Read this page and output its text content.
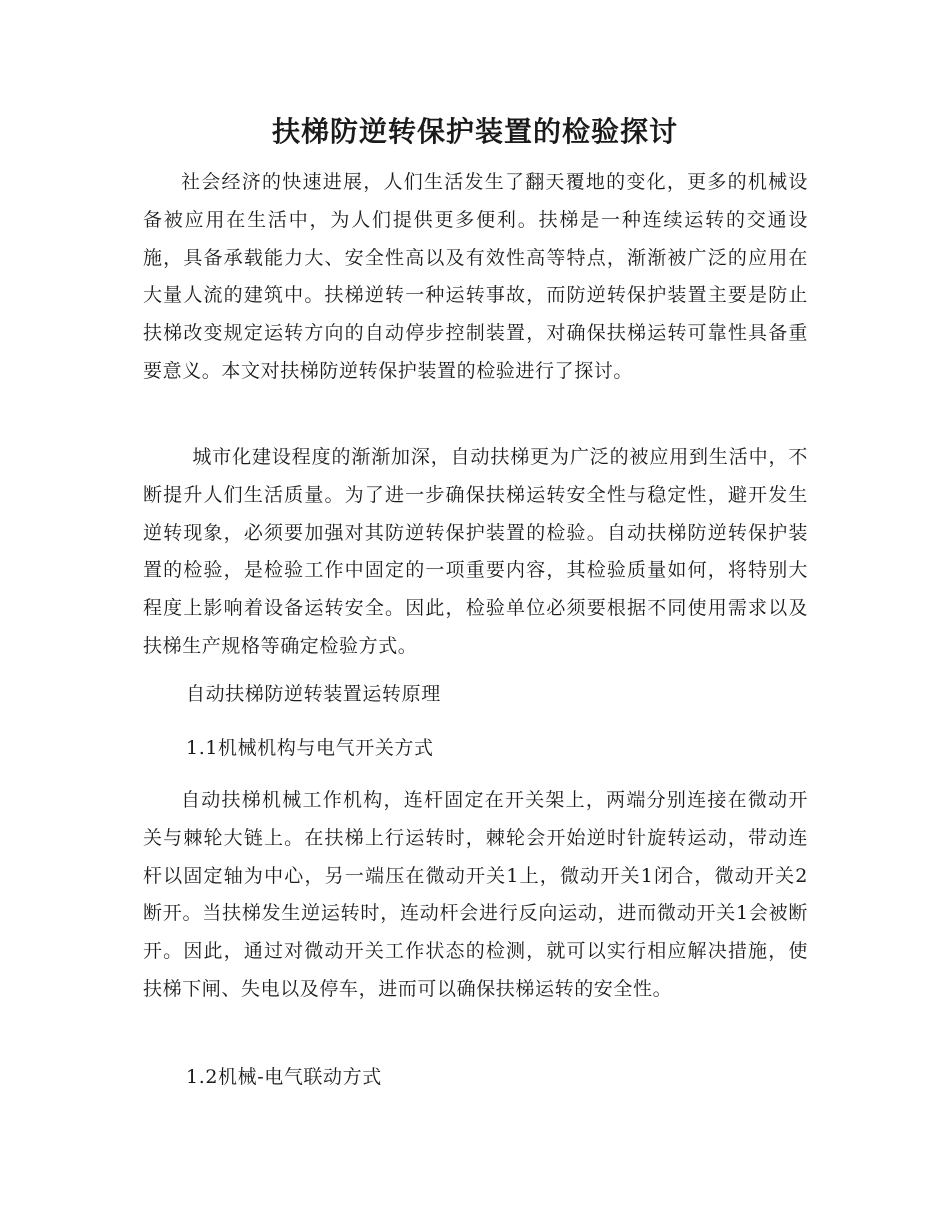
扶梯防逆转保护装置的检验探讨

社会经济的快速进展，人们生活发生了翻天覆地的变化，更多的机械设备被应用在生活中，为人们提供更多便利。扶梯是一种连续运转的交通设施，具备承载能力大、安全性高以及有效性高等特点，渐渐被广泛的应用在大量人流的建筑中。扶梯逆转一种运转事故，而防逆转保护装置主要是防止扶梯改变规定运转方向的自动停步控制装置，对确保扶梯运转可靠性具备重要意义。本文对扶梯防逆转保护装置的检验进行了探讨。

城市化建设程度的渐渐加深，自动扶梯更为广泛的被应用到生活中，不断提升人们生活质量。为了进一步确保扶梯运转安全性与稳定性，避开发生逆转现象，必须要加强对其防逆转保护装置的检验。自动扶梯防逆转保护装置的检验，是检验工作中固定的一项重要内容，其检验质量如何，将特别大程度上影响着设备运转安全。因此，检验单位必须要根据不同使用需求以及扶梯生产规格等确定检验方式。

自动扶梯防逆转装置运转原理

1.1机械机构与电气开关方式

自动扶梯机械工作机构，连杆固定在开关架上，两端分别连接在微动开关与棘轮大链上。在扶梯上行运转时，棘轮会开始逆时针旋转运动，带动连杆以固定轴为中心，另一端压在微动开关1上，微动开关1闭合，微动开关2断开。当扶梯发生逆运转时，连动杆会进行反向运动，进而微动开关1会被断开。因此，通过对微动开关工作状态的检测，就可以实行相应解决措施，使扶梯下闸、失电以及停车，进而可以确保扶梯运转的安全性。

1.2机械-电气联动方式
